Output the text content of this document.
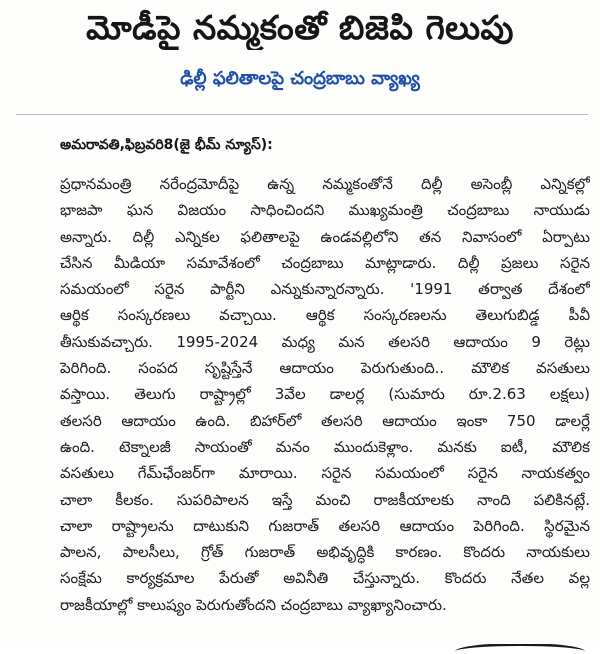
మోడీపై నమ్మకంతో బిజెపి గెలుపు
ఢిల్లీ ఫలితాలపై చంద్రబాబు వ్యాఖ్య
అమరావతి,ఫిబ్రవరి8(జై భీమ్ న్యూస్):
ప్రధానమంత్రి నరేంద్రమోదీపై ఉన్న నమ్మకంతోనే దిల్లీ అసెంబ్లీ ఎన్నికల్లో
భాజపా ఘన విజయం సాధించిందని ముఖ్యమంత్రి చంద్రబాబు నాయుడు
అన్నారు. దిల్లీ ఎన్నికల ఫలితాలపై ఉండవల్లిలోని తన నివాసంలో ఏర్పాటు
చేసిన మీడియా సమావేశంలో చంద్రబాబు మాట్లాడారు. దిల్లీ ప్రజలు సరైన
సమయంలో సరైన పార్టీని ఎన్నుకున్నారన్నారు. '1991 తర్వాత దేశంలో
ఆర్థిక సంస్కరణలు వచ్చాయి. ఆర్థిక సంస్కరణలను తెలుగుబిడ్డ పీవీ
తీసుకువచ్చారు. 1995-2024 మధ్య మన తలసరి ఆదాయం 9 రెట్లు
పెరిగింది. సంపద సృష్టిస్తేనే ఆదాయం పెరుగుతుంది.. మౌలిక వసతులు
వస్తాయి. తెలుగు రాష్ట్రాల్లో 3వేల డాలర్ల (సుమారు రూ.2.63 లక్షలు)
తలసరి ఆదాయం ఉంది. బిహార్‌లో తలసరి ఆదాయం ఇంకా 750 డాలర్లే
ఉంది. టెక్నాలజీ సాయంతో మనం ముందుకెళ్లాం. మనకు ఐటీ, మౌలిక
వసతులు గేమ్‌ఛేంజర్‌గా మారాయి. సరైన సమయంలో సరైన నాయకత్వం
చాలా కీలకం. సుపరిపాలన ఇస్తే మంచి రాజకీయాలకు నాంది పలికినట్లే.
చాలా రాష్ట్రాలను దాటుకుని గుజరాత్ తలసరి ఆదాయం పెరిగింది. స్థిరమైన
పాలన, పాలసీలు, గ్రోత్ గుజరాత్ అభివృద్ధికి కారణం. కొందరు నాయకులు
సంక్షేమ కార్యక్రమాల పేరుతో అవినీతి చేస్తున్నారు. కొందరు నేతల వల్ల
రాజకీయాల్లో కాలుష్యం పెరుగుతోందని చంద్రబాబు వ్యాఖ్యానించారు.
